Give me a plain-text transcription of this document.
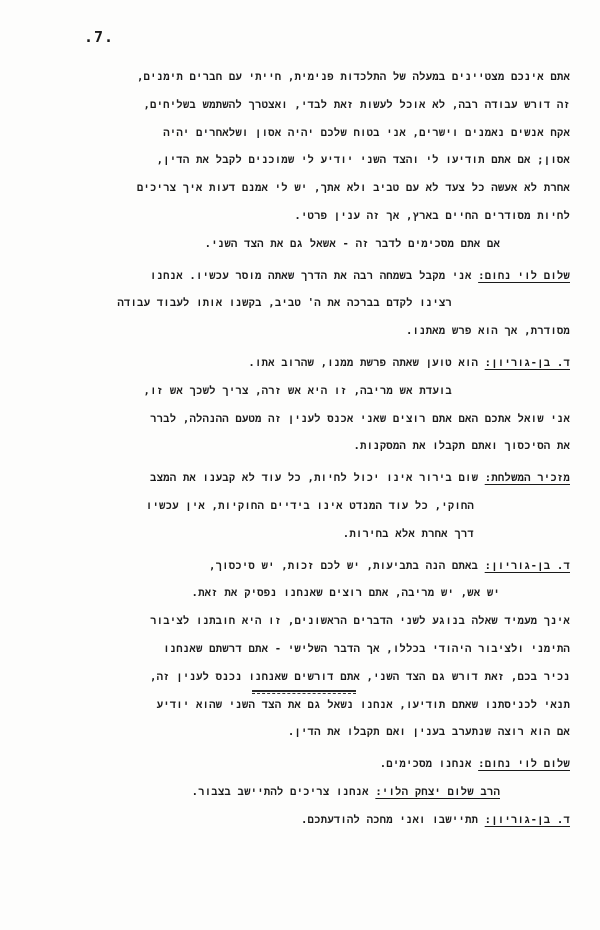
.7.
אתם אינכם מצטיינים במעלה של התלכדות פנימית, חייתי עם חברים תימנים,
זה דורש עבודה רבה, לא אוכל לעשות זאת לבדי, ואצטרך להשתמש בשליחים,
אקח אנשים נאמנים וישרים, אני בטוח שלכם יהיה אסון ושלאחרים יהיה
אסון; אם אתם תודיעו לי והצד השני יודיע לי שמוכנים לקבל את הדין,
אחרת לא אעשה כל צעד לא עם טביב ולא אתך, יש לי אמנם דעות איך צריכים
לחיות מסודרים החיים בארץ, אך זה ענין פרטי.
אם אתם מסכימים לדבר זה - אשאל גם את הצד השני.
שלום לוי נחום: אני מקבל בשמחה רבה את הדרך שאתה מוסר עכשיו. אנחנו
רצינו לקדם בברכה את ה' טביב, בקשנו אותו לעבוד עבודה
מסודרת, אך הוא פרש מאתנו.
ד. בן-גוריון: הוא טוען שאתה פרשת ממנו, שהרוב אתו.
בועדת אש מריבה, זו היא אש זרה, צריך לשכך אש זו,
אני שואל אתכם האם אתם רוצים שאני אכנס לענין זה מטעם ההנהלה, לברר
את הסיכסוך ואתם תקבלו את המסקנות.
מזכיר המשלחת: שום בירור אינו יכול לחיות, כל עוד לא קבענו את המצב
החוקי, כל עוד המנדט אינו בידיים החוקיות, אין עכשיו
דרך אחרת אלא בחירות.
ד. בן-גוריון: באתם הנה בתביעות, יש לכם זכות, יש סיכסוך,
יש אש, יש מריבה, אתם רוצים שאנחנו נפסיק את זאת.
אינך מעמיד שאלה בנוגע לשני הדברים הראשונים, זו היא חובתנו לציבור
התימני ולציבור היהודי בכללו, אך הדבר השלישי - אתם דרשתם שאנחנו
נכיר בכם, זאת דורש גם הצד השני, אתם דורשים שאנחנו נכנס לענין זה,
תנאי לכניסתנו שאתם תודיעו, אנחנו נשאל גם את הצד השני שהוא יודיע
אם הוא רוצה שנתערב בענין ואם תקבלו את הדין.
שלום לוי נחום: אנחנו מסכימים.
הרב שלום יצחק הלוי: אנחנו צריכים להתיישב בצבור.
ד. בן-גוריון: תתיישבו ואני מחכה להודעתכם.
